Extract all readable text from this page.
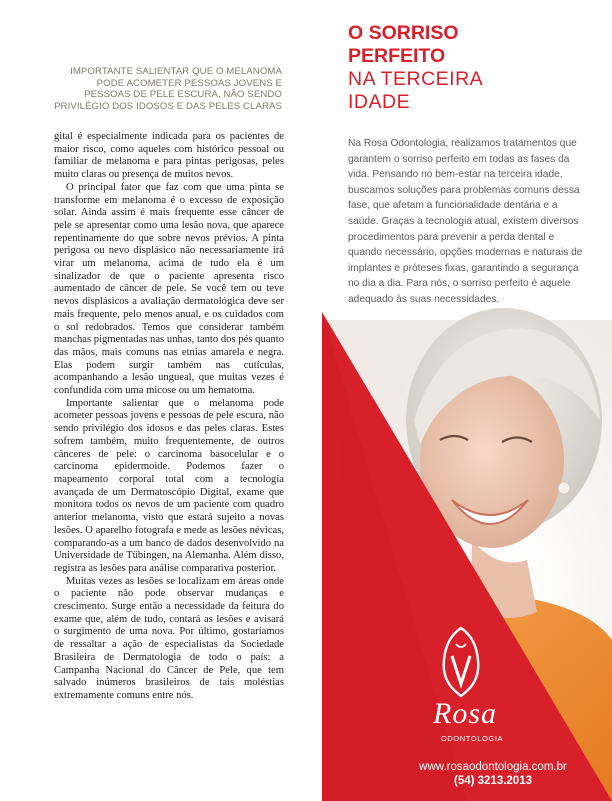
IMPORTANTE SALIENTAR QUE O MELANOMA PODE ACOMETER PESSOAS JOVENS E PESSOAS DE PELE ESCURA, NÃO SENDO PRIVILÉGIO DOS IDOSOS E DAS PELES CLARAS

gital é especialmente indicada para os pacientes de maior risco, como aqueles com histórico pessoal ou familiar de melanoma e para pintas perigosas, peles muito claras ou presença de muitos nevos.

O principal fator que faz com que uma pinta se transforme em melanoma é o excesso de exposição solar. Ainda assim é mais frequente esse câncer de pele se apresentar como uma lesão nova, que aparece repentinamente do que sobre nevos prévios. A pinta perigosa ou nevo displásico não necessariamente irá virar um melanoma, acima de tudo ela é um sinalizador de que o paciente apresenta risco aumentado de câncer de pele. Se você tem ou teve nevos displásicos a avaliação dermatológica deve ser mais frequente, pelo menos anual, e os cuidados com o sol redobrados. Temos que considerar também manchas pigmentadas nas unhas, tanto dos pés quanto das mãos, mais comuns nas etnias amarela e negra. Elas podem surgir também nas cutículas, acompanhando a lesão ungueal, que muitas vezes é confundida com uma micose ou um hematoma.

Importante salientar que o melanoma pode acometer pessoas jovens e pessoas de pele escura, não sendo privilégio dos idosos e das peles claras. Estes sofrem também, muito frequentemente, de outros cânceres de pele: o carcinoma basocelular e o carcinoma epidermoide. Podemos fazer o mapeamento corporal total com a tecnologia avançada de um Dermatoscópio Digital, exame que monitora todos os nevos de um paciente com quadro anterior melanoma, visto que estará sujeito a novas lesões. O aparelho fotografa e mede as lesões névicas, comparando-as a um banco de dados desenvolvido na Universidade de Tübingen, na Alemanha. Além disso, registra as lesões para análise comparativa posterior.

Muitas vezes as lesões se localizam em áreas onde o paciente não pode observar mudanças e crescimento. Surge então a necessidade da feitura do exame que, além de tudo, contará as lesões e avisará o surgimento de uma nova. Por último, gostaríamos de ressaltar a ação de especialistas da Sociedade Brasileira de Dermatologia de todo o país: a Campanha Nacional do Câncer de Pele, que tem salvado inúmeros brasileiros de tais moléstias extremamente comuns entre nós.

O SORRISO
PERFEITO
NA TERCEIRA
IDADE

Na Rosa Odontologia, realizamos tratamentos que garantem o sorriso perfeito em todas as fases da vida. Pensando no bem-estar na terceira idade, buscamos soluções para problemas comuns dessa fase, que afetam a funcionalidade dentária e a saúde. Graças a tecnologia atual, existem diversos procedimentos para prevenir a perda dental e quando necessário, opções modernas e naturais de implantes e próteses fixas, garantindo a segurança no dia a dia. Para nós, o sorriso perfeito é aquele adequado às suas necessidades.

lumenrosa.com.br

Rosa

ODONTOLOGIA

www.rosaodontologia.com.br

(54) 3213.2013
